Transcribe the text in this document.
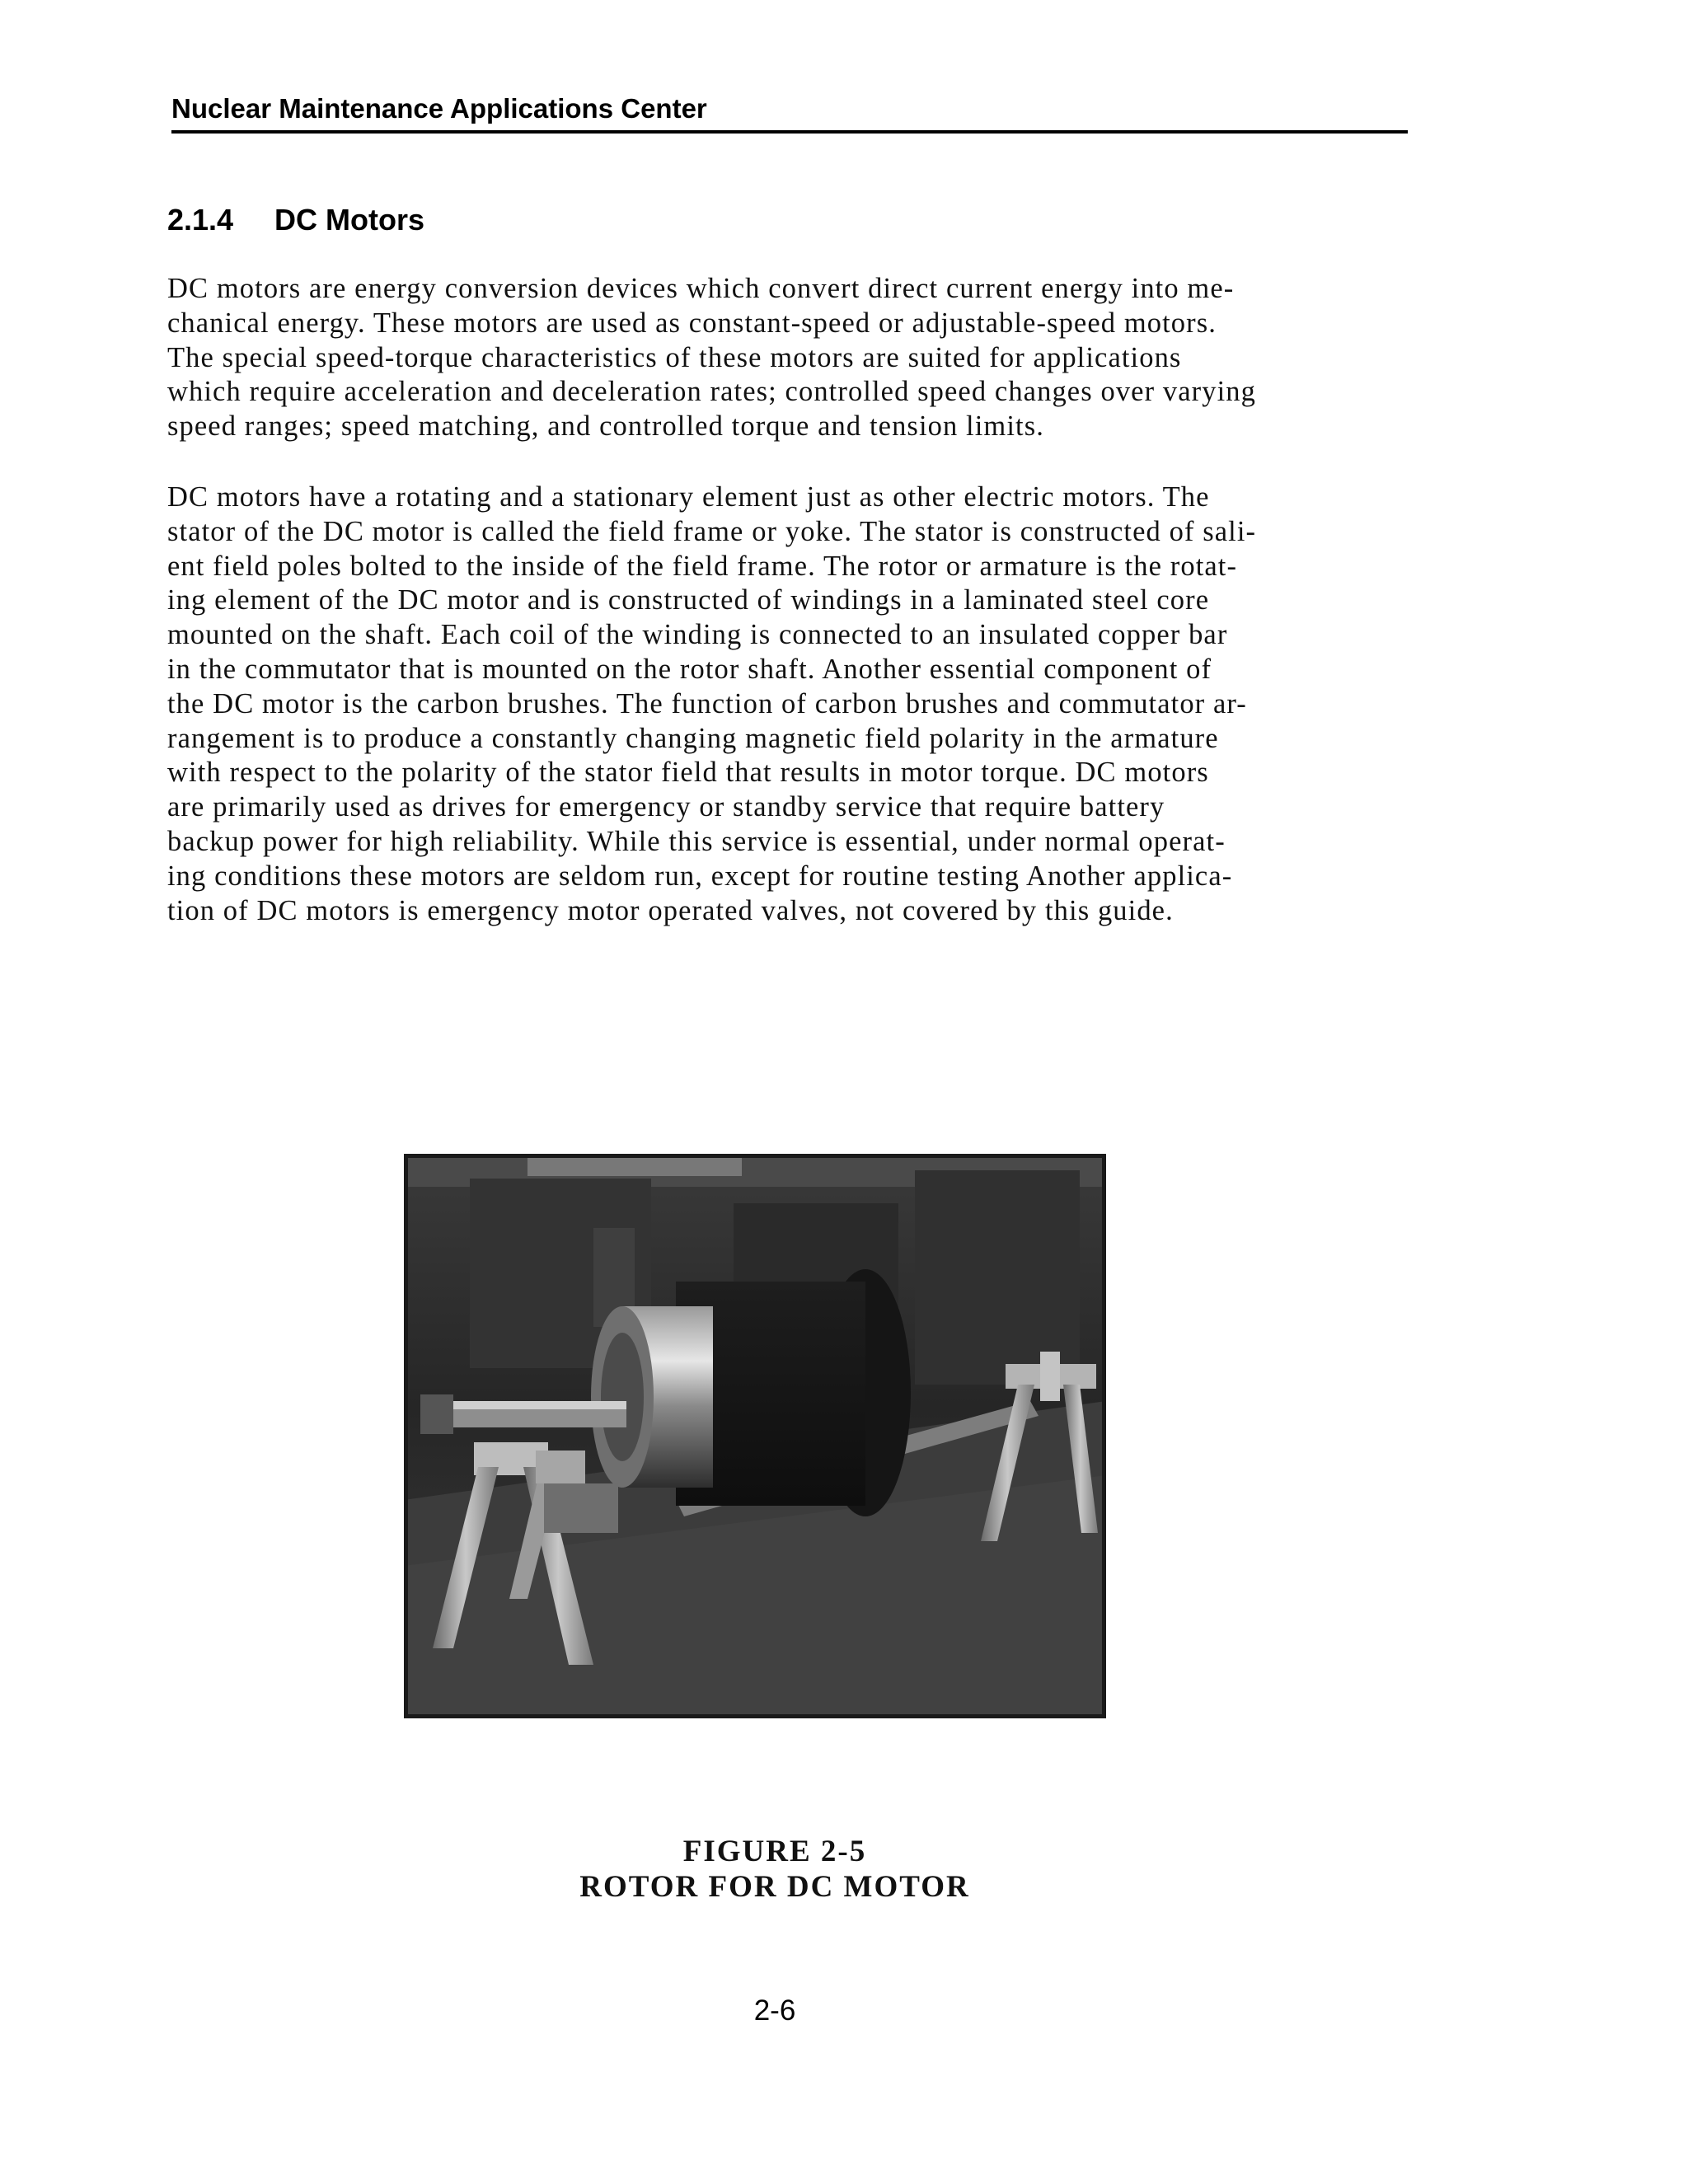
Nuclear Maintenance Applications Center
2.1.4 DC Motors

DC motors are energy conversion devices which convert direct current energy into me-
chanical energy. These motors are used as constant-speed or adjustable-speed motors.
The special speed-torque characteristics of these motors are suited for applications
which require acceleration and deceleration rates; controlled speed changes over varying
speed ranges; speed matching, and controlled torque and tension limits.

DC motors have a rotating and a stationary element just as other electric motors. The
stator of the DC motor is called the field frame or yoke. The stator is constructed of sali-
ent field poles bolted to the inside of the field frame. The rotor or armature is the rotat-
ing element of the DC motor and is constructed of windings in a laminated steel core
mounted on the shaft. Each coil of the winding is connected to an insulated copper bar
in the commutator that is mounted on the rotor shaft. Another essential component of
the DC motor is the carbon brushes. The function of carbon brushes and commutator ar-
rangement is to produce a constantly changing magnetic field polarity in the armature
with respect to the polarity of the stator field that results in motor torque. DC motors
are primarily used as drives for emergency or standby service that require battery
backup power for high reliability. While this service is essential, under normal operat-
ing conditions these motors are seldom run, except for routine testing Another applica-
tion of DC motors is emergency motor operated valves, not covered by this guide.

FIGURE 2-5
ROTOR FOR DC MOTOR
2-6
